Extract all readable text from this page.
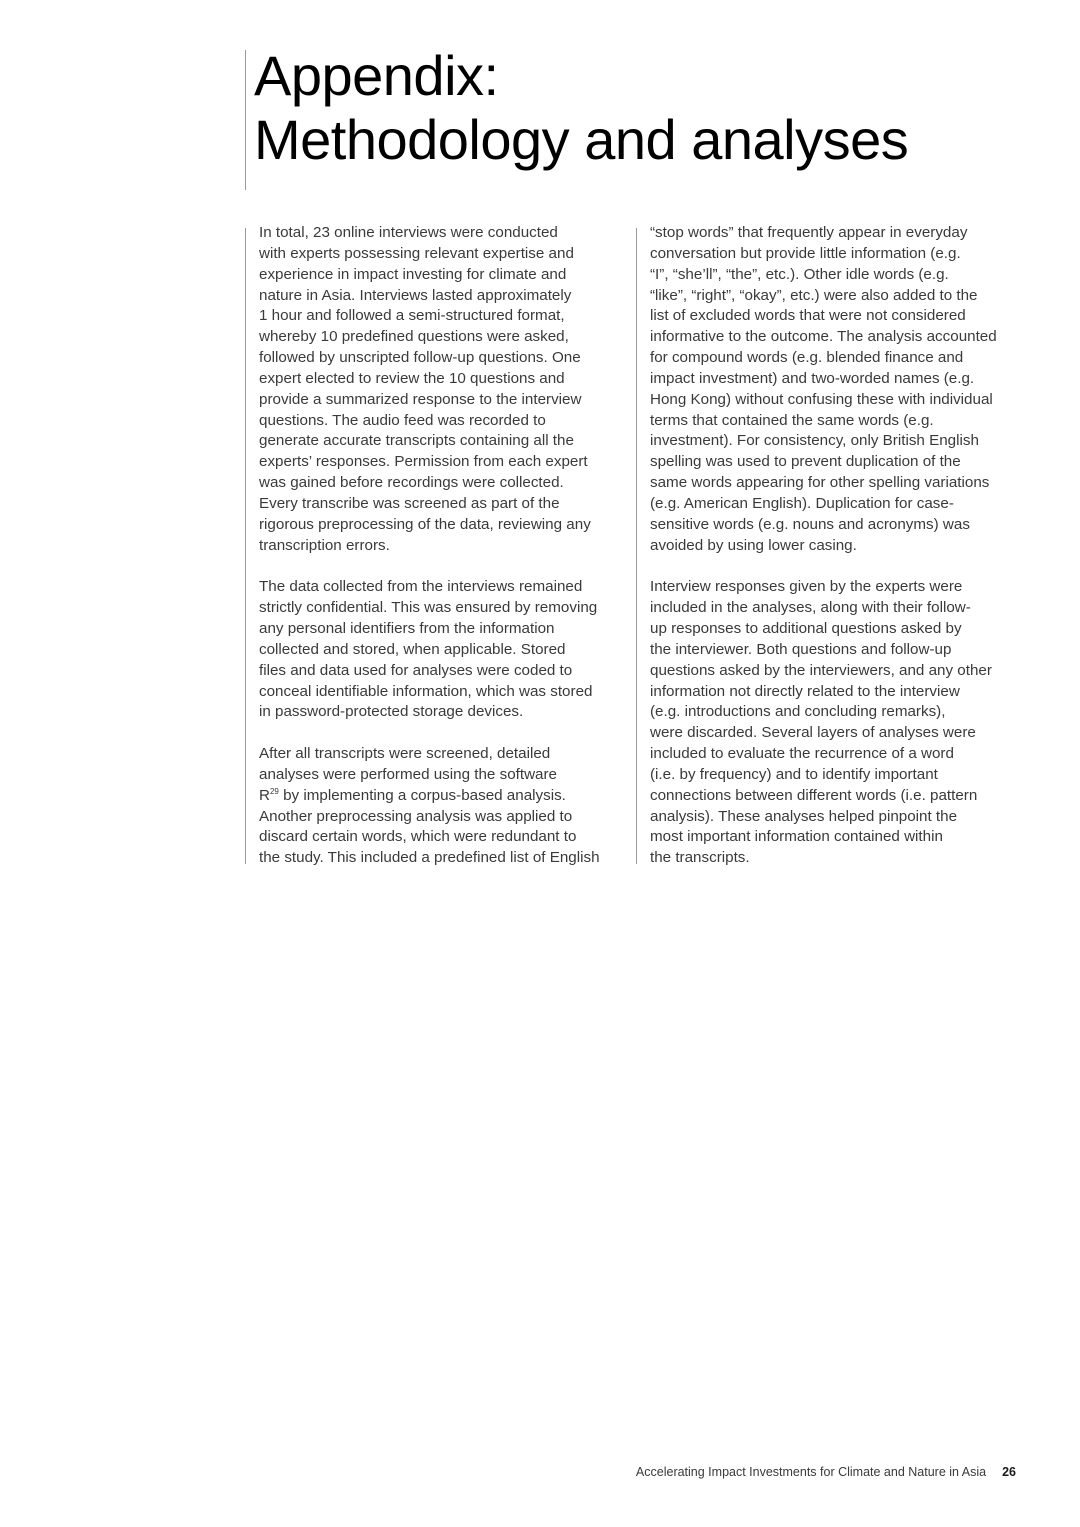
Appendix:
Methodology and analyses

In total, 23 online interviews were conducted
with experts possessing relevant expertise and
experience in impact investing for climate and
nature in Asia. Interviews lasted approximately
1 hour and followed a semi-structured format,
whereby 10 predefined questions were asked,
followed by unscripted follow-up questions. One
expert elected to review the 10 questions and
provide a summarized response to the interview
questions. The audio feed was recorded to
generate accurate transcripts containing all the
experts’ responses. Permission from each expert
was gained before recordings were collected.
Every transcribe was screened as part of the
rigorous preprocessing of the data, reviewing any
transcription errors.

The data collected from the interviews remained
strictly confidential. This was ensured by removing
any personal identifiers from the information
collected and stored, when applicable. Stored
files and data used for analyses were coded to
conceal identifiable information, which was stored
in password-protected storage devices.

After all transcripts were screened, detailed
analyses were performed using the software
$R^{29}$ by implementing a corpus-based analysis.
Another preprocessing analysis was applied to
discard certain words, which were redundant to
the study. This included a predefined list of English

“stop words” that frequently appear in everyday
conversation but provide little information (e.g.
“I”, “she’ll”, “the”, etc.). Other idle words (e.g.
“like”, “right”, “okay”, etc.) were also added to the
list of excluded words that were not considered
informative to the outcome. The analysis accounted
for compound words (e.g. blended finance and
impact investment) and two-worded names (e.g.
Hong Kong) without confusing these with individual
terms that contained the same words (e.g.
investment). For consistency, only British English
spelling was used to prevent duplication of the
same words appearing for other spelling variations
(e.g. American English). Duplication for case-
sensitive words (e.g. nouns and acronyms) was
avoided by using lower casing.

Interview responses given by the experts were
included in the analyses, along with their follow-
up responses to additional questions asked by
the interviewer. Both questions and follow-up
questions asked by the interviewers, and any other
information not directly related to the interview
(e.g. introductions and concluding remarks),
were discarded. Several layers of analyses were
included to evaluate the recurrence of a word
(i.e. by frequency) and to identify important
connections between different words (i.e. pattern
analysis). These analyses helped pinpoint the
most important information contained within
the transcripts.

Accelerating Impact Investments for Climate and Nature in Asia 26
